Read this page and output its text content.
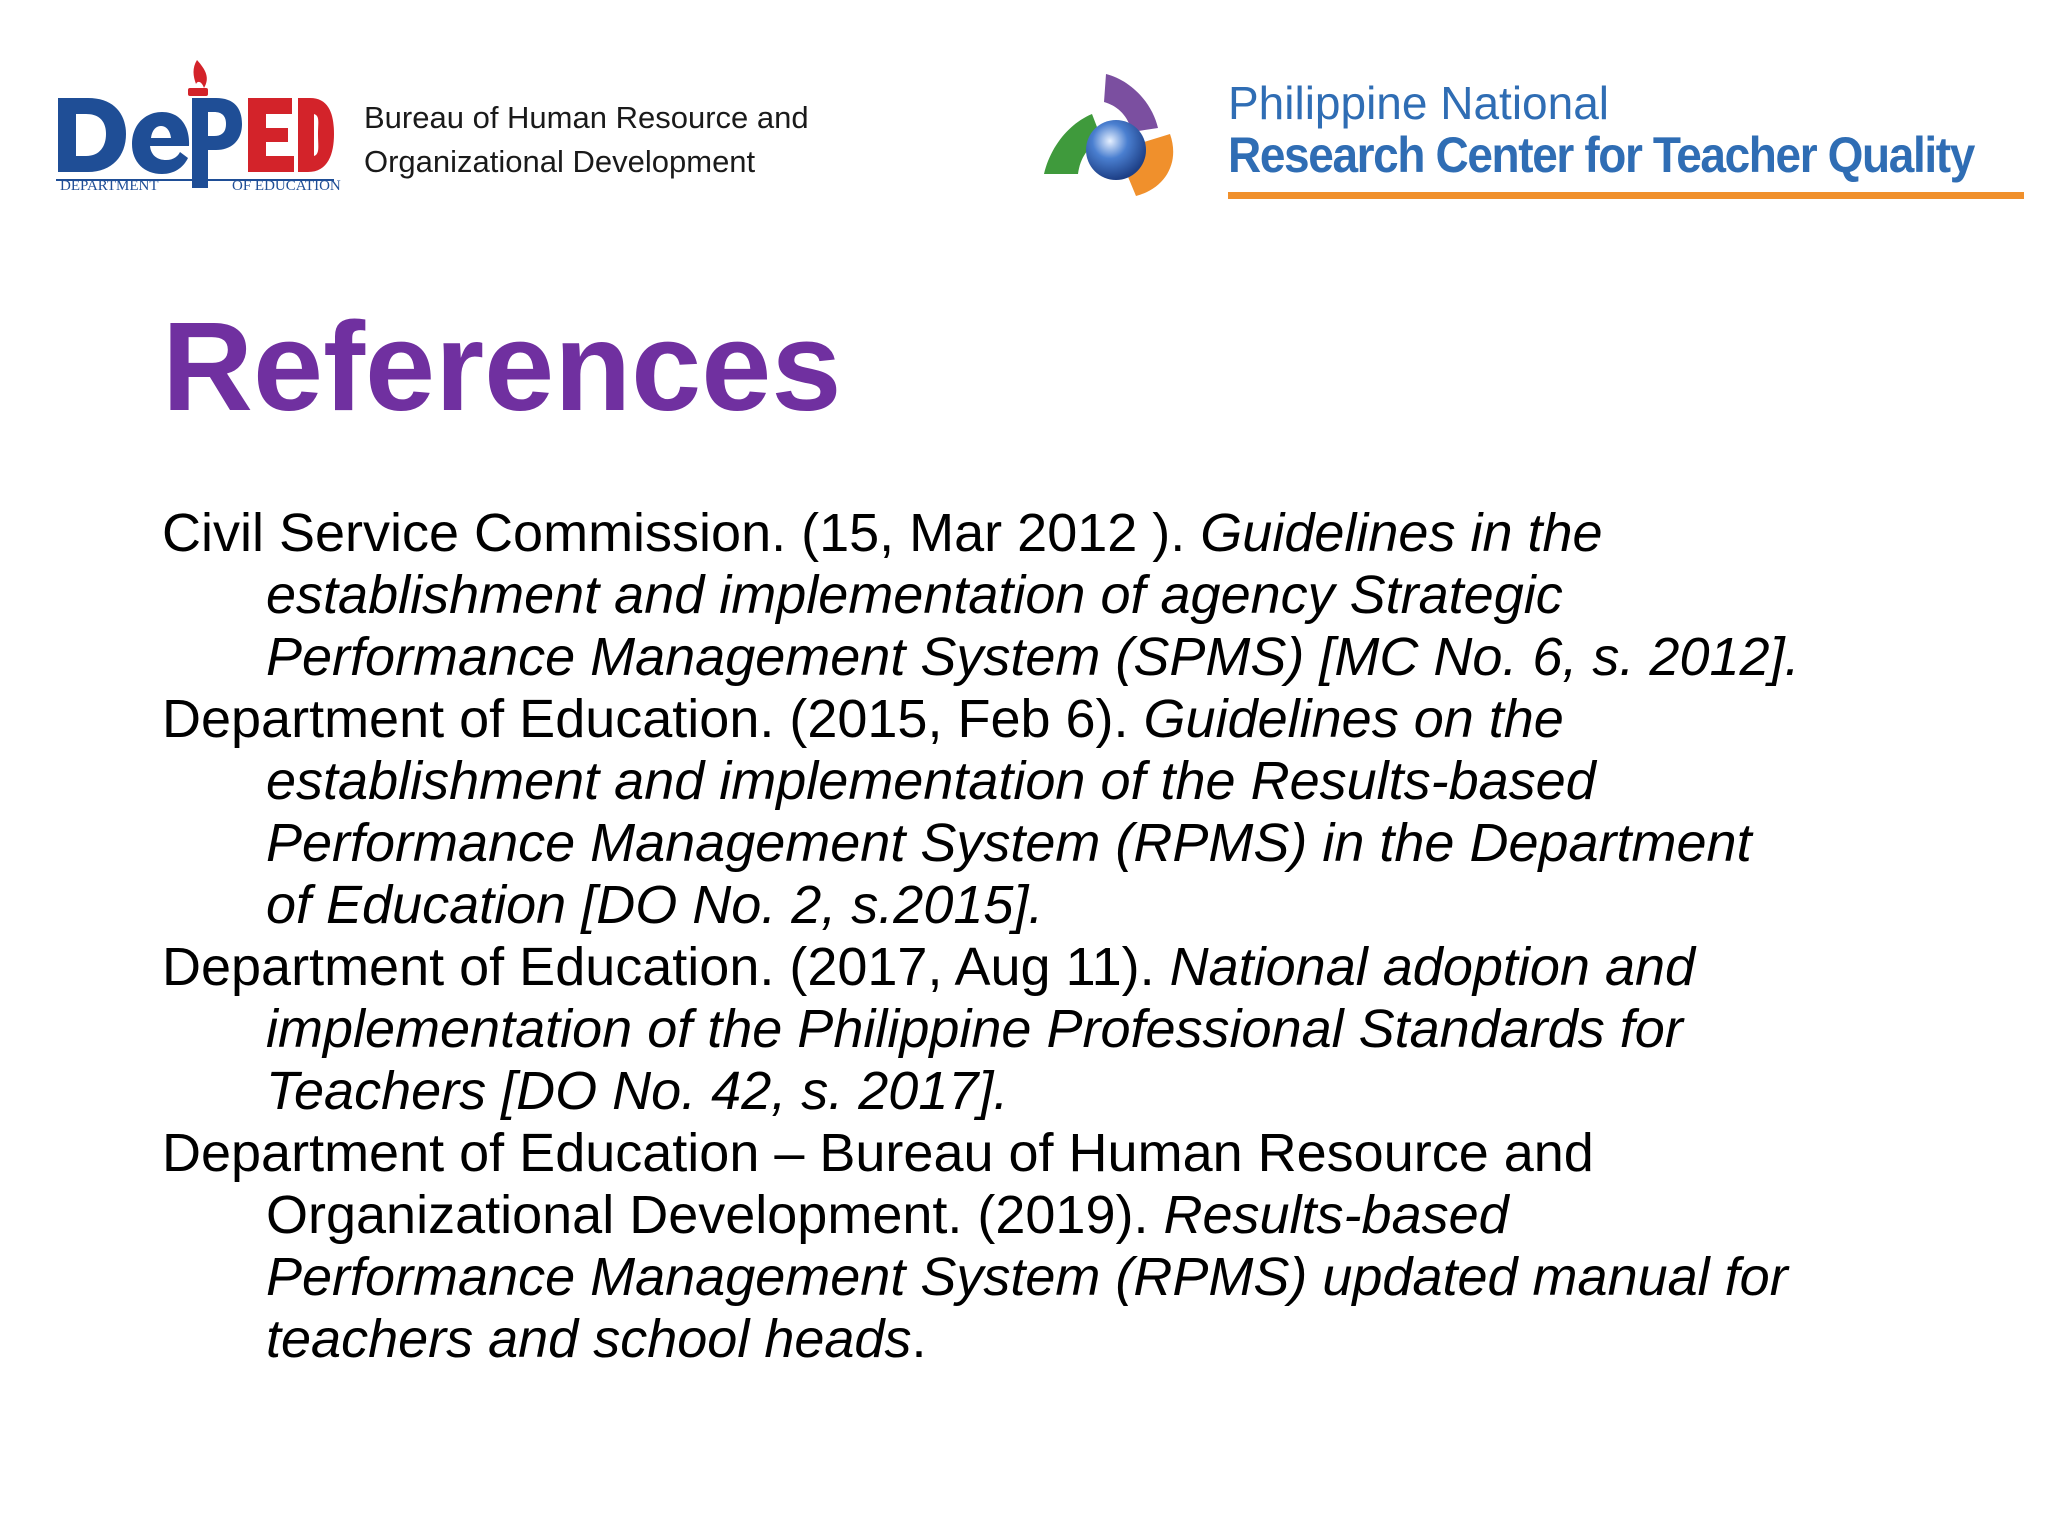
DEPARTMENT	OF EDUCATION
Bureau of Human Resource and
Organizational Development
Philippine National
Research Center for Teacher Quality
References
Civil Service Commission. (15, Mar 2012 ). Guidelines in the
establishment and implementation of agency Strategic
Performance Management System (SPMS) [MC No. 6, s. 2012].
Department of Education. (2015, Feb 6). Guidelines on the
establishment and implementation of the Results-based
Performance Management System (RPMS) in the Department
of Education [DO No. 2, s.2015].
Department of Education. (2017, Aug 11). National adoption and
implementation of the Philippine Professional Standards for
Teachers [DO No. 42, s. 2017].
Department of Education – Bureau of Human Resource and
Organizational Development. (2019). Results-based
Performance Management System (RPMS) updated manual for
teachers and school heads.
